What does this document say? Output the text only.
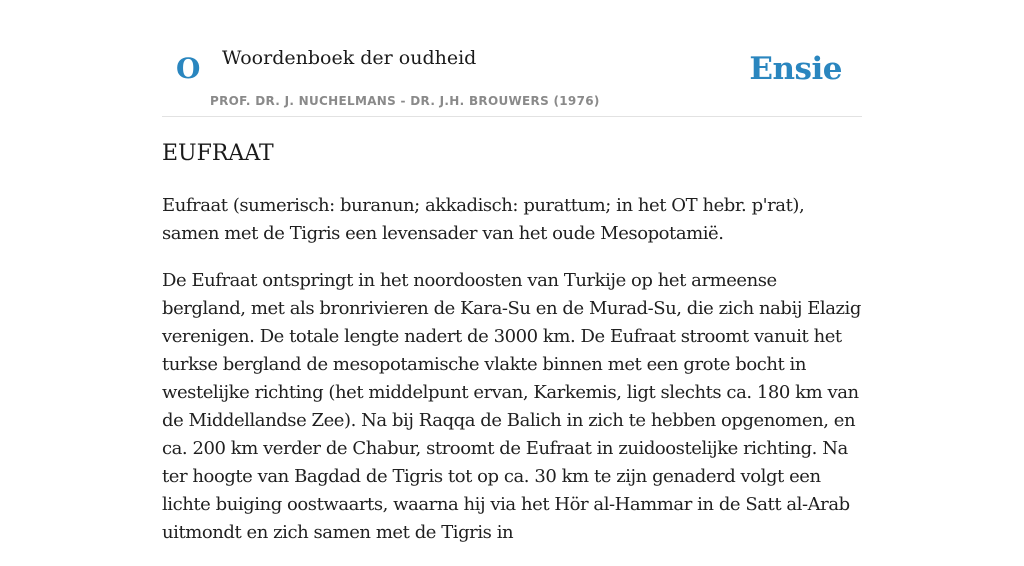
O Woordenboek der oudheid
PROF. DR. J. NUCHELMANS - DR. J.H. BROUWERS (1976)
Ensie
EUFRAAT

Eufraat (sumerisch: buranun; akkadisch: purattum; in het OT hebr. p'rat), samen met de Tigris een levensader van het oude Mesopotamië.

De Eufraat ontspringt in het noordoosten van Turkije op het armeense bergland, met als bronrivieren de Kara-Su en de Murad-Su, die zich nabij Elazig verenigen. De totale lengte nadert de 3000 km. De Eufraat stroomt vanuit het turkse bergland de mesopotamische vlakte binnen met een grote bocht in westelijke richting (het middelpunt ervan, Karkemis, ligt slechts ca. 180 km van de Middellandse Zee). Na bij Raqqa de Balich in zich te hebben opgenomen, en ca. 200 km verder de Chabur, stroomt de Eufraat in zuidoostelijke richting. Na ter hoogte van Bagdad de Tigris tot op ca. 30 km te zijn genaderd volgt een lichte buiging oostwaarts, waarna hij via het Hör al-Hammar in de Satt al-Arab uitmondt en zich samen met de Tigris in
